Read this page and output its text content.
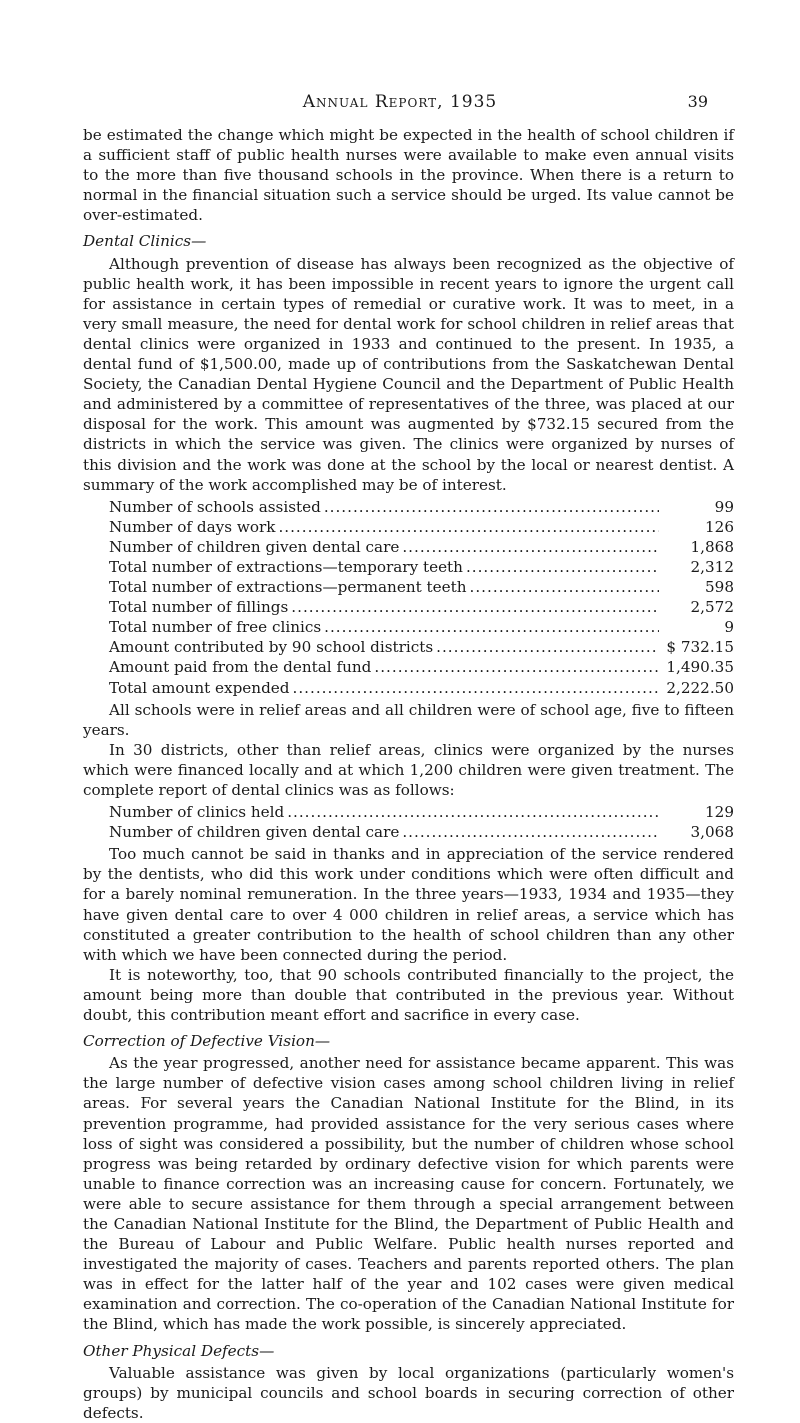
Annual Report, 1935	39

be estimated the change which might be expected in the health of school children if a sufficient staff of public health nurses were available to make even annual visits to the more than five thousand schools in the province. When there is a return to normal in the financial situation such a service should be urged. Its value cannot be over-estimated.

Dental Clinics—

Although prevention of disease has always been recognized as the objective of public health work, it has been impossible in recent years to ignore the urgent call for assistance in certain types of remedial or curative work. It was to meet, in a very small measure, the need for dental work for school children in relief areas that dental clinics were organized in 1933 and continued to the present. In 1935, a dental fund of $1,500.00, made up of contributions from the Saskatchewan Dental Society, the Canadian Dental Hygiene Council and the Department of Public Health and administered by a committee of representatives of the three, was placed at our disposal for the work. This amount was augmented by $732.15 secured from the districts in which the service was given. The clinics were organized by nurses of this division and the work was done at the school by the local or nearest dentist. A summary of the work accomplished may be of interest.

Number of schools assisted .....	99
Number of days work .....	126
Number of children given dental care .....	1,868
Total number of extractions—temporary teeth .....	2,312
Total number of extractions—permanent teeth .....	598
Total number of fillings .....	2,572
Total number of free clinics .....	9
Amount contributed by 90 school districts .....	$ 732.15
Amount paid from the dental fund .....	1,490.35
Total amount expended .....	2,222.50

All schools were in relief areas and all children were of school age, five to fifteen years.

In 30 districts, other than relief areas, clinics were organized by the nurses which were financed locally and at which 1,200 children were given treatment. The complete report of dental clinics was as follows:

Number of clinics held .....	129
Number of children given dental care .....	3,068

Too much cannot be said in thanks and in appreciation of the service rendered by the dentists, who did this work under conditions which were often difficult and for a barely nominal remuneration. In the three years—1933, 1934 and 1935—they have given dental care to over 4 000 children in relief areas, a service which has constituted a greater contribution to the health of school children than any other with which we have been connected during the period.

It is noteworthy, too, that 90 schools contributed financially to the project, the amount being more than double that contributed in the previous year. Without doubt, this contribution meant effort and sacrifice in every case.

Correction of Defective Vision—

As the year progressed, another need for assistance became apparent. This was the large number of defective vision cases among school children living in relief areas. For several years the Canadian National Institute for the Blind, in its prevention programme, had provided assistance for the very serious cases where loss of sight was considered a possibility, but the number of children whose school progress was being retarded by ordinary defective vision for which parents were unable to finance correction was an increasing cause for concern. Fortunately, we were able to secure assistance for them through a special arrangement between the Canadian National Institute for the Blind, the Department of Public Health and the Bureau of Labour and Public Welfare. Public health nurses reported and investigated the majority of cases. Teachers and parents reported others. The plan was in effect for the latter half of the year and 102 cases were given medical examination and correction. The co-operation of the Canadian National Institute for the Blind, which has made the work possible, is sincerely appreciated.

Other Physical Defects—

Valuable assistance was given by local organizations (particularly women's groups) by municipal councils and school boards in securing correction of other defects.
